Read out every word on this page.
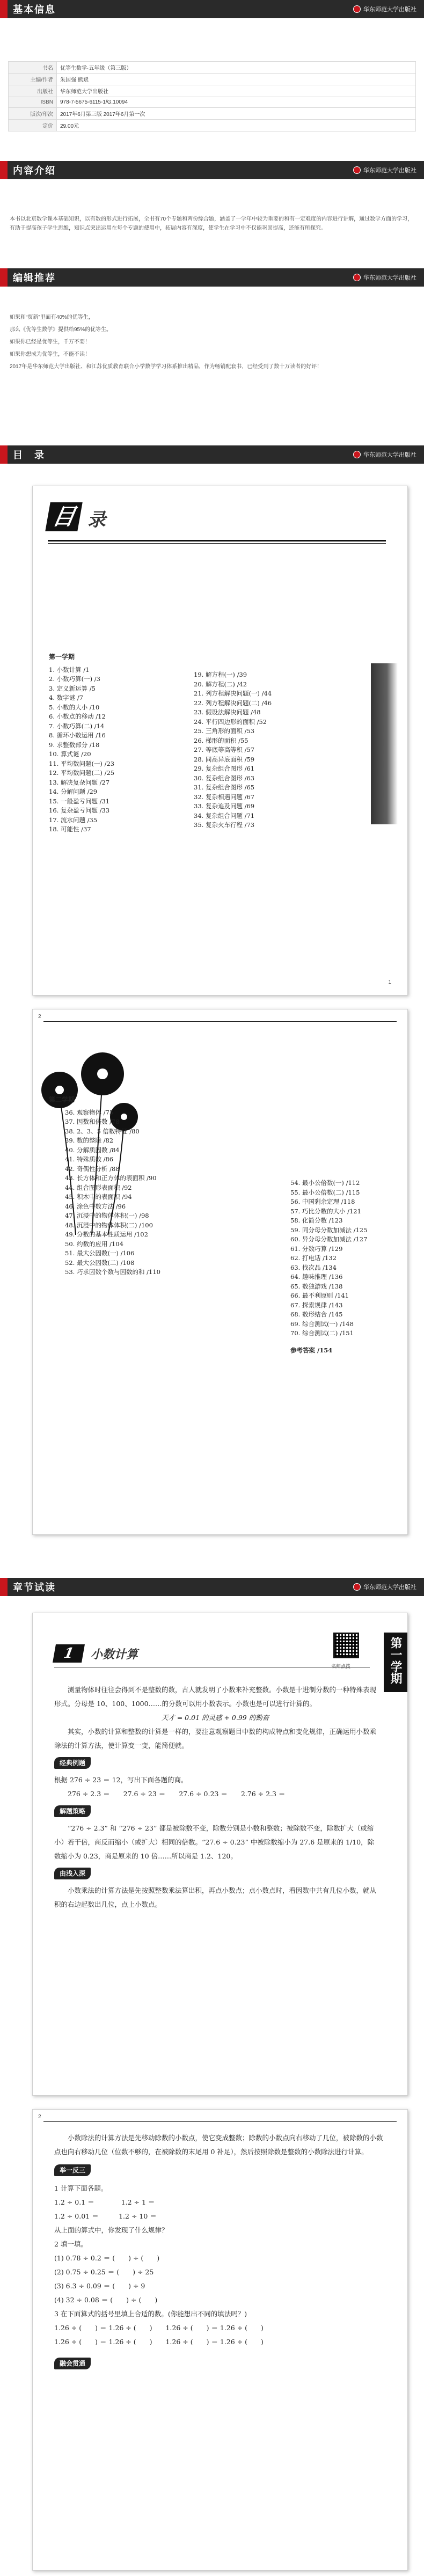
基本信息	华东师范大学出版社
书名	优等生数学·五年级（第三版）
主编/作者	朱国强 熊斌
出版社	华东师范大学出版社
ISBN	978-7-5675-6115-1/G.10094
版次/印次	2017年6月第三版 2017年6月第一次
定价	29.00元
内容介绍	华东师范大学出版社

本书以北京数学课本基础知识，以有数的形式进行拓展，全书有70个专题和两份综合题，涵盖了一学年中较为重要的和有一定难度的内容进行讲解，通过数学方面的学习，有助于提高孩子学生思维，知识点突出运用在每个专题的使用中，拓展内容有深度，使学生在学习中不仅能巩固提高，还能有所探究。

编辑推荐	华东师范大学出版社

如果和“贾新”里面有40%的优等生，

那么《优等生数学》提供给95%的优等生。

如果你已经是优等生，千万不要！

如果你想成为优等生，不能不读！

2017年是华东师范大学出版社、和江苏优质教育联合小学数学学习体系推出精品，作为畅销配套书，已经受到了数十万读者的好评！

目　录	华东师范大学出版社
目 录
第一学期
1. 小数计算 /1
2. 小数巧算(一) /3
3. 定义新运算 /5
4. 数字谜 /7
5. 小数的大小 /10
6. 小数点的移动 /12
7. 小数巧算(二) /14
8. 循环小数运用 /16
9. 求整数部分 /18
10. 算式谜 /20
11. 平均数问题(一) /23
12. 平均数问题(二) /25
13. 解决复杂问题 /27
14. 分解问题 /29
15. 一般盈亏问题 /31
16. 复杂盈亏问题 /33
17. 流水问题 /35
18. 可能性 /37
19. 解方程(一) /39
20. 解方程(二) /42
21. 列方程解决问题(一) /44
22. 列方程解决问题(二) /46
23. 假设法解决问题 /48
24. 平行四边形的面积 /52
25. 三角形的面积 /53
26. 梯形的面积 /55
27. 等底等高等积 /57
28. 同高异底面积 /59
29. 复杂组合图形 /61
30. 复杂组合图形 /63
31. 复杂组合图形 /65
32. 复杂相遇问题 /67
33. 复杂追及问题 /69
34. 复杂组合问题 /71
35. 复杂火车行程 /73
1
2
第二学期
36. 观察物体 /75
37. 因数和倍数 /78
38. 2、3、5 倍数特征 /80
39. 数的整除 /82
40. 分解质因数 /84
41. 特殊质数 /86
42. 奇偶性分析 /88
43. 长方体和正方体的表面积 /90
44. 组合图形表面积 /92
45. 积木中的表面积 /94
46. 涂色中数方法 /96
47. 沉浸中的物体体积(一) /98
48. 沉浸中的物体体积(二) /100
49. 分数的基本性质运用 /102
50. 约数的应用 /104
51. 最大公因数(一) /106
52. 最大公因数(二) /108
53. 巧求因数个数与因数的和 /110
54. 最小公倍数(一) /112
55. 最小公倍数(二) /115
56. 中国剩余定理 /118
57. 巧比分数的大小 /121
58. 化简分数 /123
59. 同分母分数加减法 /125
60. 异分母分数加减法 /127
61. 分数巧算 /129
62. 打电话 /132
63. 找次品 /134
64. 趣味推理 /136
65. 数独游戏 /138
66. 最不利原则 /141
67. 探索规律 /143
68. 数形结合 /145
69. 综合测试(一) /148
70. 综合测试(二) /151
参考答案 /154
章节试读	华东师范大学出版社
1	小数计算
名师点拨	第一学期

测量物体时往往会得到不是整数的数，古人就发明了小数来补充整数。小数是十进制分数的一种特殊表现形式。分母是 10、100、1000……的分数可以用小数表示。小数也是可以进行计算的。

天才 = 0.01 的灵感 + 0.99 的勤奋

其实，小数的计算和整数的计算是一样的，要注意观察题目中数的构成特点和变化规律，正确运用小数乘除法的计算方法，使计算变一变，能简便就。

经典例题

根据 276 ÷ 23 ＝ 12，写出下面各题的商。

276 ÷ 2.3 ＝　　27.6 ÷ 23 ＝　　27.6 ÷ 0.23 ＝　　2.76 ÷ 2.3 ＝

解题策略

“276 ÷ 2.3” 和 “276 ÷ 23” 都是被除数不变，除数分别是小数和整数；被除数不变，除数扩大（或缩小）若干倍，商反而缩小（或扩大）相同的倍数。“27.6 ÷ 0.23” 中被除数缩小为 27.6 是原来的 1/10，除数缩小为 0.23，商是原来的 10 倍……所以商是 1.2、120。

由浅入深

小数乘法的计算方法是先按照整数乘法算出积，再点小数点；点小数点时，看因数中共有几位小数，就从积的右边起数出几位，点上小数点。

2

小数除法的计算方法是先移动除数的小数点，使它变成整数；除数的小数点向右移动了几位，被除数的小数点也向右移动几位（位数不够的，在被除数的末尾用 0 补足），然后按照除数是整数的小数除法进行计算。

举一反三

1 计算下面各题。

1.2 ÷ 0.1 ＝　　　　1.2 ÷ 1 ＝

1.2 ÷ 0.01 ＝　　　1.2 ÷ 10 ＝

从上面的算式中，你发现了什么规律？

2 填一填。

(1) 0.78 ÷ 0.2 ＝ (　　) ÷ (　　)

(2) 0.75 ÷ 0.25 ＝ (　　) ÷ 25

(3) 6.3 ÷ 0.09 ＝ (　　) ÷ 9

(4) 32 ÷ 0.08 ＝ (　　) ÷ (　　)

3 在下面算式的括号里填上合适的数。(你能想出不同的填法吗？)

1.26 ÷ (　　) ＝ 1.26 ÷ (　　)　　1.26 ÷ (　　) ＝ 1.26 ÷ (　　)

1.26 ÷ (　　) ＝ 1.26 ÷ (　　)　　1.26 ÷ (　　) ＝ 1.26 ÷ (　　)

融会贯通
